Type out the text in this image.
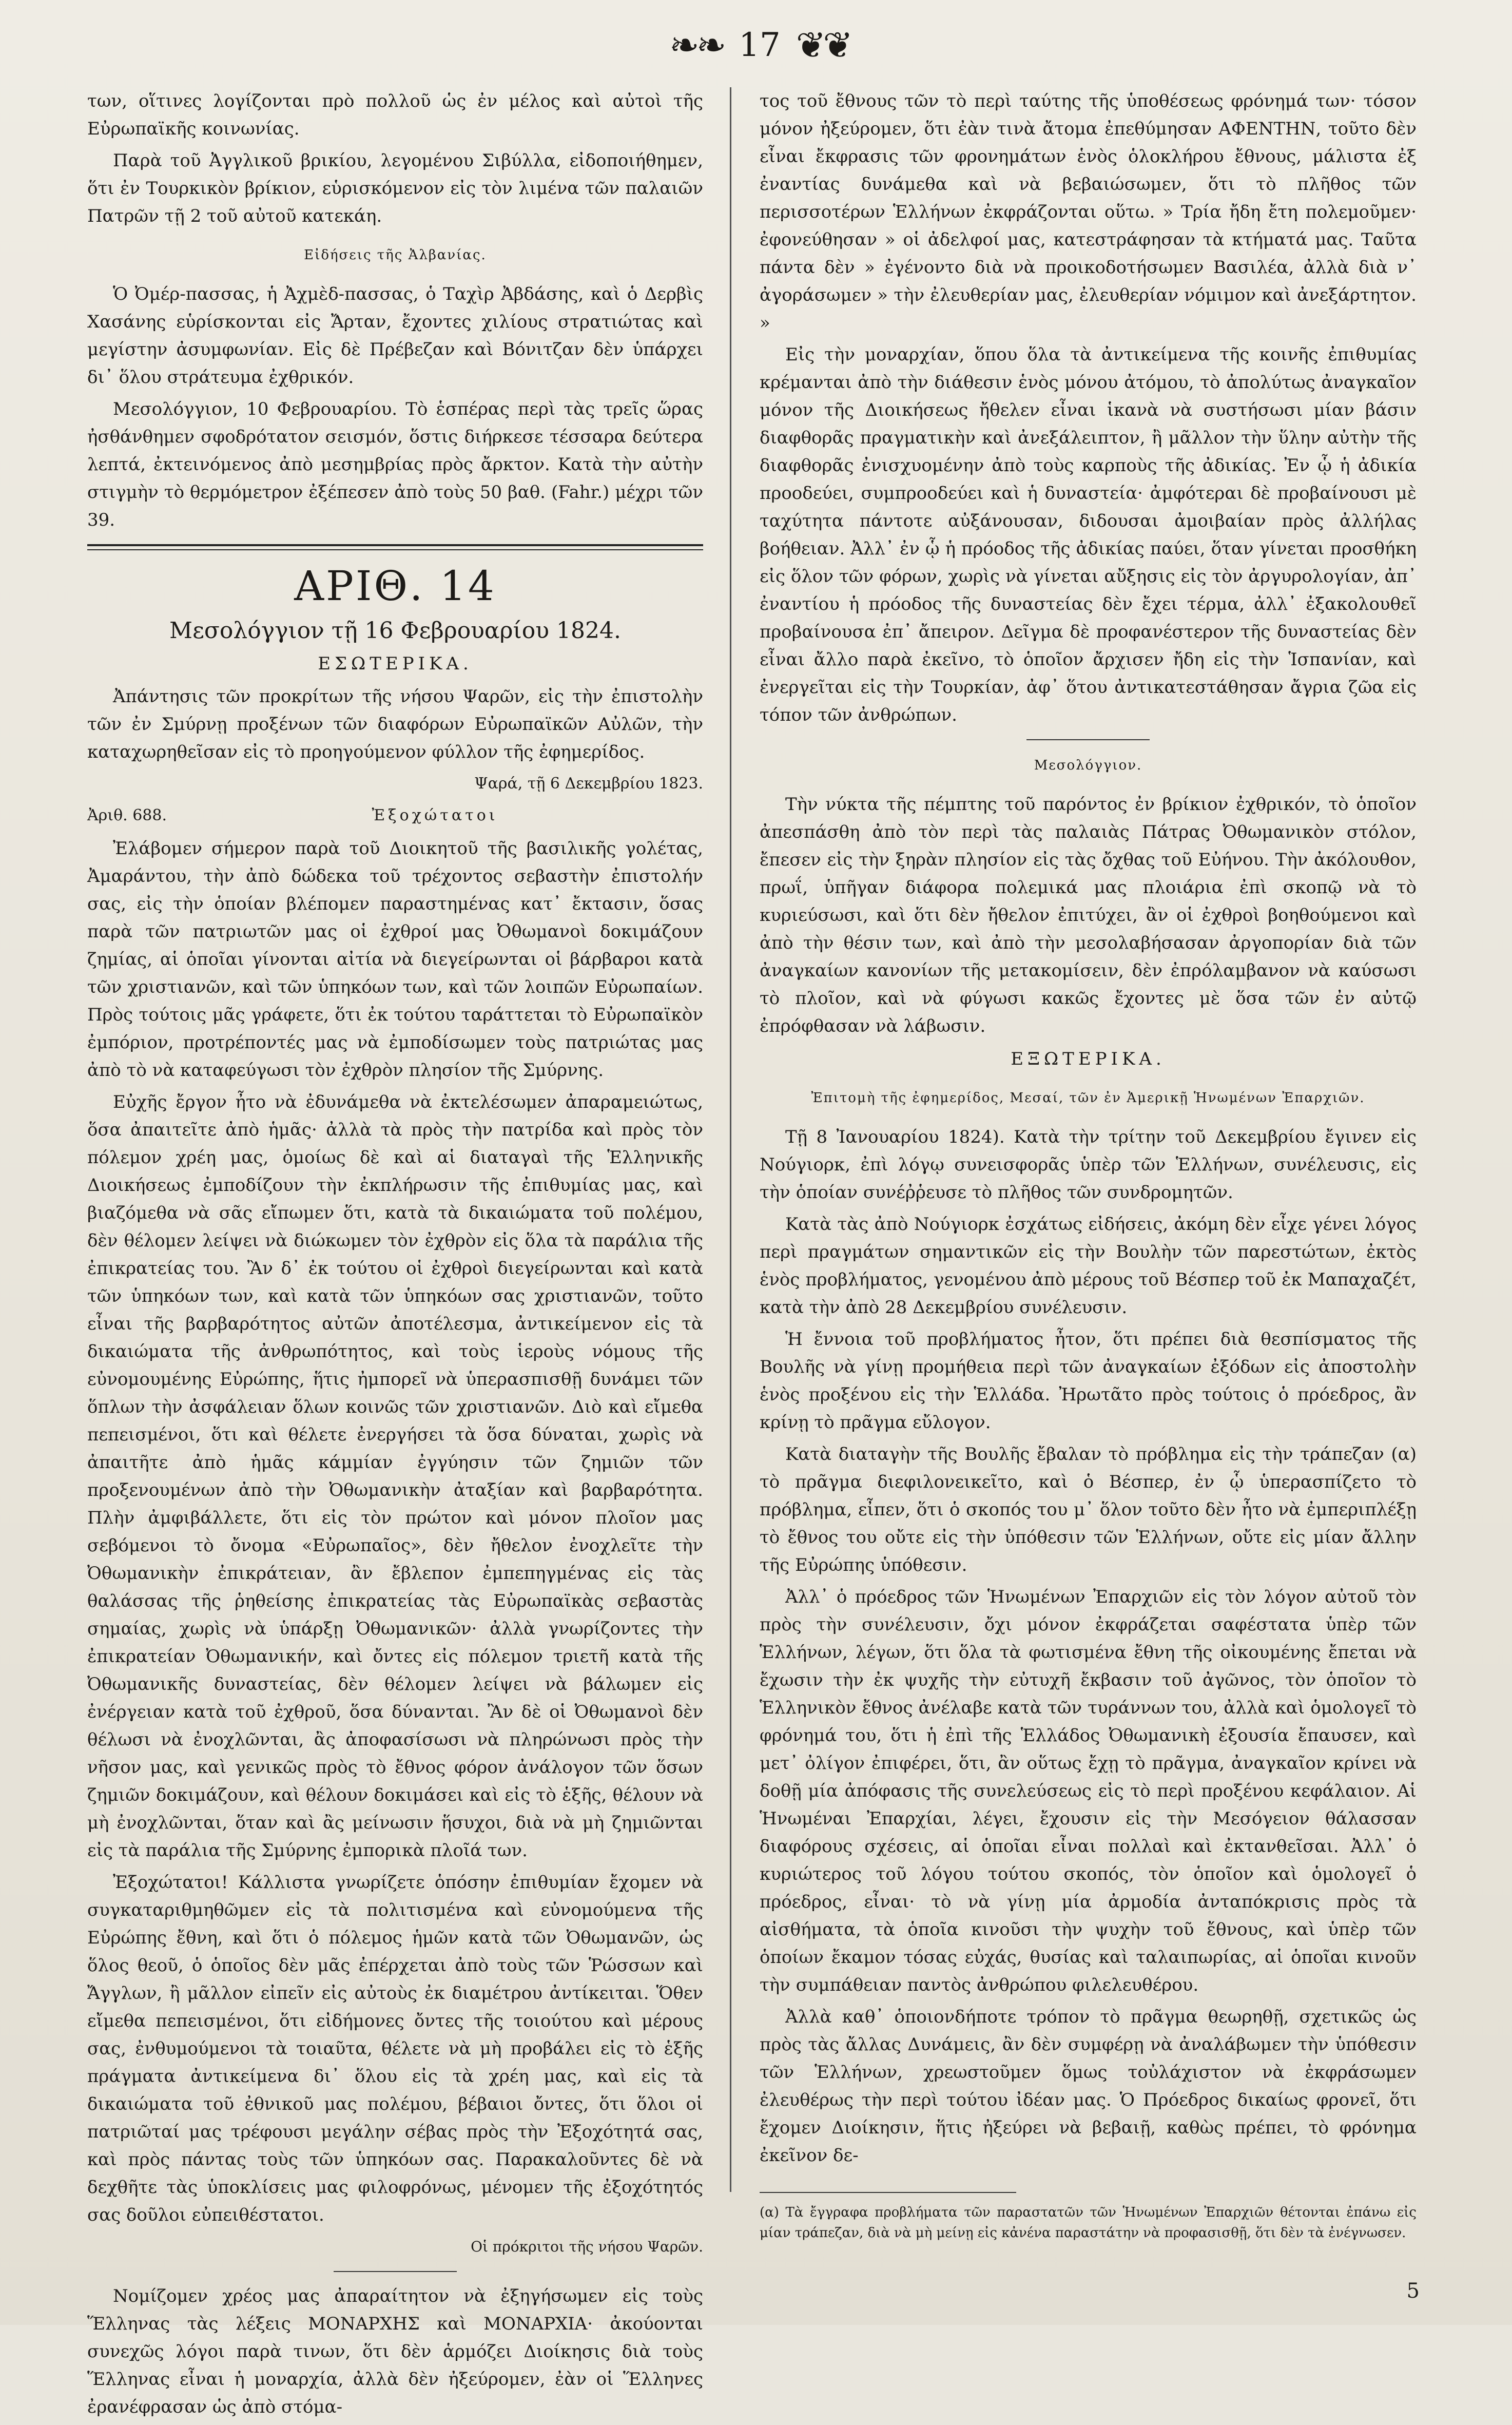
❧❧ 17 ❦❦

των, οἵτινες λογίζονται πρὸ πολλοῦ ὡς ἐν μέλος καὶ αὐτοὶ τῆς Εὐρωπαϊκῆς κοινωνίας.

Παρὰ τοῦ Ἀγγλικοῦ βρικίου, λεγομένου Σιβύλλα, εἰδοποιήθημεν, ὅτι ἐν Τουρκικὸν βρίκιον, εὑρισκόμενον εἰς τὸν λιμένα τῶν παλαιῶν Πατρῶν τῇ 2 τοῦ αὐτοῦ κατεκάη.

Εἰδήσεις τῆς Ἀλβανίας.

Ὁ Ὀμέρ-πασσας, ἡ Ἀχμὲδ-πασσας, ὁ Ταχὶρ Ἀβδάσης, καὶ ὁ Δερβὶς Χασάνης εὑρίσκονται εἰς Ἄρταν, ἔχοντες χιλίους στρατιώτας καὶ μεγίστην ἀσυμφωνίαν. Εἰς δὲ Πρέβεζαν καὶ Βόνιτζαν δὲν ὑπάρχει δι᾽ ὅλου στράτευμα ἐχθρικόν.

Μεσολόγγιον, 10 Φεβρουαρίου. Τὸ ἑσπέρας περὶ τὰς τρεῖς ὥρας ἠσθάνθημεν σφοδρότατον σεισμόν, ὅστις διήρκεσε τέσσαρα δεύτερα λεπτά, ἐκτεινόμενος ἀπὸ μεσημβρίας πρὸς ἄρκτον. Κατὰ τὴν αὐτὴν στιγμὴν τὸ θερμόμετρον ἐξέπεσεν ἀπὸ τοὺς 50 βαθ. (Fahr.) μέχρι τῶν 39.

ΑΡΙΘ. 14

Μεσολόγγιον τῇ 16 Φεβρουαρίου 1824.

ΕΣΩΤΕΡΙΚΑ.

Ἀπάντησις τῶν προκρίτων τῆς νήσου Ψαρῶν, εἰς τὴν ἐπιστολὴν τῶν ἐν Σμύρνῃ προξένων τῶν διαφόρων Εὐρωπαϊκῶν Αὐλῶν, τὴν καταχωρηθεῖσαν εἰς τὸ προηγούμενον φύλλον τῆς ἐφημερίδος.

Ψαρά, τῇ 6 Δεκεμβρίου 1823.

Ἀριθ. 688.	Ἐξοχώτατοι

Ἐλάβομεν σήμερον παρὰ τοῦ Διοικητοῦ τῆς βασιλικῆς γολέτας, Ἀμαράντου, τὴν ἀπὸ δώδεκα τοῦ τρέχοντος σεβαστὴν ἐπιστολήν σας, εἰς τὴν ὁποίαν βλέπομεν παραστημένας κατ᾽ ἔκτασιν, ὅσας παρὰ τῶν πατριωτῶν μας οἱ ἐχθροί μας Ὀθωμανοὶ δοκιμάζουν ζημίας, αἱ ὁποῖαι γίνονται αἰτία νὰ διεγείρωνται οἱ βάρβαροι κατὰ τῶν χριστιανῶν, καὶ τῶν ὑπηκόων των, καὶ τῶν λοιπῶν Εὐρωπαίων. Πρὸς τούτοις μᾶς γράφετε, ὅτι ἐκ τούτου ταράττεται τὸ Εὐρωπαϊκὸν ἐμπόριον, προτρέποντές μας νὰ ἐμποδίσωμεν τοὺς πατριώτας μας ἀπὸ τὸ νὰ καταφεύγωσι τὸν ἐχθρὸν πλησίον τῆς Σμύρνης.

Εὐχῆς ἔργον ἦτο νὰ ἐδυνάμεθα νὰ ἐκτελέσωμεν ἀπαραμειώτως, ὅσα ἀπαιτεῖτε ἀπὸ ἡμᾶς· ἀλλὰ τὰ πρὸς τὴν πατρίδα καὶ πρὸς τὸν πόλεμον χρέη μας, ὁμοίως δὲ καὶ αἱ διαταγαὶ τῆς Ἑλληνικῆς Διοικήσεως ἐμποδίζουν τὴν ἐκπλήρωσιν τῆς ἐπιθυμίας μας, καὶ βιαζόμεθα νὰ σᾶς εἴπωμεν ὅτι, κατὰ τὰ δικαιώματα τοῦ πολέμου, δὲν θέλομεν λείψει νὰ διώκωμεν τὸν ἐχθρὸν εἰς ὅλα τὰ παράλια τῆς ἐπικρατείας του. Ἂν δ᾽ ἐκ τούτου οἱ ἐχθροὶ διεγείρωνται καὶ κατὰ τῶν ὑπηκόων των, καὶ κατὰ τῶν ὑπηκόων σας χριστιανῶν, τοῦτο εἶναι τῆς βαρβαρότητος αὐτῶν ἀποτέλεσμα, ἀντικείμενον εἰς τὰ δικαιώματα τῆς ἀνθρωπότητος, καὶ τοὺς ἱεροὺς νόμους τῆς εὐνομουμένης Εὐρώπης, ἥτις ἠμπορεῖ νὰ ὑπερασπισθῇ δυνάμει τῶν ὅπλων τὴν ἀσφάλειαν ὅλων κοινῶς τῶν χριστιανῶν. Διὸ καὶ εἴμεθα πεπεισμένοι, ὅτι καὶ θέλετε ἐνεργήσει τὰ ὅσα δύναται, χωρὶς νὰ ἀπαιτῆτε ἀπὸ ἡμᾶς κάμμίαν ἐγγύησιν τῶν ζημιῶν τῶν προξενουμένων ἀπὸ τὴν Ὀθωμανικὴν ἀταξίαν καὶ βαρβαρότητα. Πλὴν ἀμφιβάλλετε, ὅτι εἰς τὸν πρώτον καὶ μόνον πλοῖον μας σεβόμενοι τὸ ὄνομα «Εὐρωπαῖος», δὲν ἤθελον ἐνοχλεῖτε τὴν Ὀθωμανικὴν ἐπικράτειαν, ἂν ἔβλεπον ἐμπεπηγμένας εἰς τὰς θαλάσσας τῆς ῥηθείσης ἐπικρατείας τὰς Εὐρωπαϊκὰς σεβαστὰς σημαίας, χωρὶς νὰ ὑπάρξῃ Ὀθωμανικῶν· ἀλλὰ γνωρίζοντες τὴν ἐπικρατείαν Ὀθωμανικήν, καὶ ὄντες εἰς πόλεμον τριετῆ κατὰ τῆς Ὀθωμανικῆς δυναστείας, δὲν θέλομεν λείψει νὰ βάλωμεν εἰς ἐνέργειαν κατὰ τοῦ ἐχθροῦ, ὅσα δύνανται. Ἂν δὲ οἱ Ὀθωμανοὶ δὲν θέλωσι νὰ ἐνοχλῶνται, ἂς ἀποφασίσωσι νὰ πληρώνωσι πρὸς τὴν νῆσον μας, καὶ γενικῶς πρὸς τὸ ἔθνος φόρον ἀνάλογον τῶν ὅσων ζημιῶν δοκιμάζουν, καὶ θέλουν δοκιμάσει καὶ εἰς τὸ ἑξῆς, θέλουν νὰ μὴ ἐνοχλῶνται, ὅταν καὶ ἂς μείνωσιν ἥσυχοι, διὰ νὰ μὴ ζημιῶνται εἰς τὰ παράλια τῆς Σμύρνης ἐμπορικὰ πλοῖά των.

Ἐξοχώτατοι! Κάλλιστα γνωρίζετε ὁπόσην ἐπιθυμίαν ἔχομεν νὰ συγκαταριθμηθῶμεν εἰς τὰ πολιτισμένα καὶ εὐνομούμενα τῆς Εὐρώπης ἔθνη, καὶ ὅτι ὁ πόλεμος ἡμῶν κατὰ τῶν Ὀθωμανῶν, ὡς ὅλος θεοῦ, ὁ ὁποῖος δὲν μᾶς ἐπέρχεται ἀπὸ τοὺς τῶν Ῥώσσων καὶ Ἄγγλων, ἢ μᾶλλον εἰπεῖν εἰς αὐτοὺς ἐκ διαμέτρου ἀντίκειται. Ὅθεν εἴμεθα πεπεισμένοι, ὅτι εἰδήμονες ὄντες τῆς τοιούτου καὶ μέρους σας, ἐνθυμούμενοι τὰ τοιαῦτα, θέλετε νὰ μὴ προβάλει εἰς τὸ ἑξῆς πράγματα ἀντικείμενα δι᾽ ὅλου εἰς τὰ χρέη μας, καὶ εἰς τὰ δικαιώματα τοῦ ἐθνικοῦ μας πολέμου, βέβαιοι ὄντες, ὅτι ὅλοι οἱ πατριῶταί μας τρέφουσι μεγάλην σέβας πρὸς τὴν Ἐξοχότητά σας, καὶ πρὸς πάντας τοὺς τῶν ὑπηκόων σας. Παρακαλοῦντες δὲ νὰ δεχθῆτε τὰς ὑποκλίσεις μας φιλοφρόνως, μένομεν τῆς ἐξοχότητός σας δοῦλοι εὐπειθέστατοι.

Οἱ πρόκριτοι τῆς νήσου Ψαρῶν.

Νομίζομεν χρέος μας ἀπαραίτητον νὰ ἐξηγήσωμεν εἰς τοὺς Ἕλληνας τὰς λέξεις ΜΟΝΑΡΧΗΣ καὶ ΜΟΝΑΡΧΙΑ· ἀκούονται συνεχῶς λόγοι παρὰ τινων, ὅτι δὲν ἁρμόζει Διοίκησις διὰ τοὺς Ἕλληνας εἶναι ἡ μοναρχία, ἀλλὰ δὲν ἠξεύρομεν, ἐὰν οἱ Ἕλληνες ἐρανέφρασαν ὡς ἀπὸ στόμα-

τος τοῦ ἔθνους τῶν τὸ περὶ ταύτης τῆς ὑποθέσεως φρόνημά των· τόσον μόνον ἠξεύρομεν, ὅτι ἐὰν τινὰ ἄτομα ἐπεθύμησαν ΑΦΕΝΤΗΝ, τοῦτο δὲν εἶναι ἔκφρασις τῶν φρονημάτων ἑνὸς ὁλοκλήρου ἔθνους, μάλιστα ἐξ ἐναντίας δυνάμεθα καὶ νὰ βεβαιώσωμεν, ὅτι τὸ πλῆθος τῶν περισσοτέρων Ἑλλήνων ἐκφράζονται οὕτω. » Τρία ἤδη ἔτη πολεμοῦμεν· ἐφονεύθησαν » οἱ ἀδελφοί μας, κατεστράφησαν τὰ κτήματά μας. Ταῦτα πάντα δὲν » ἐγένοντο διὰ νὰ προικοδοτήσωμεν Βασιλέα, ἀλλὰ διὰ ν᾽ ἀγοράσωμεν » τὴν ἐλευθερίαν μας, ἐλευθερίαν νόμιμον καὶ ἀνεξάρτητον. »

Εἰς τὴν μοναρχίαν, ὅπου ὅλα τὰ ἀντικείμενα τῆς κοινῆς ἐπιθυμίας κρέμανται ἀπὸ τὴν διάθεσιν ἑνὸς μόνου ἀτόμου, τὸ ἀπολύτως ἀναγκαῖον μόνον τῆς Διοικήσεως ἤθελεν εἶναι ἱκανὰ νὰ συστήσωσι μίαν βάσιν διαφθορᾶς πραγματικὴν καὶ ἀνεξάλειπτον, ἢ μᾶλλον τὴν ὕλην αὐτὴν τῆς διαφθορᾶς ἐνισχυομένην ἀπὸ τοὺς καρποὺς τῆς ἀδικίας. Ἐν ᾧ ἡ ἀδικία προοδεύει, συμπροοδεύει καὶ ἡ δυναστεία· ἀμφότεραι δὲ προβαίνουσι μὲ ταχύτητα πάντοτε αὐξάνουσαν, διδουσαι ἀμοιβαίαν πρὸς ἀλλήλας βοήθειαν. Ἀλλ᾽ ἐν ᾧ ἡ πρόοδος τῆς ἀδικίας παύει, ὅταν γίνεται προσθήκη εἰς ὅλον τῶν φόρων, χωρὶς νὰ γίνεται αὔξησις εἰς τὸν ἀργυρολογίαν, ἀπ᾽ ἐναντίου ἡ πρόοδος τῆς δυναστείας δὲν ἔχει τέρμα, ἀλλ᾽ ἐξακολουθεῖ προβαίνουσα ἐπ᾽ ἄπειρον. Δεῖγμα δὲ προφανέστερον τῆς δυναστείας δὲν εἶναι ἄλλο παρὰ ἐκεῖνο, τὸ ὁποῖον ἄρχισεν ἤδη εἰς τὴν Ἱσπανίαν, καὶ ἐνεργεῖται εἰς τὴν Τουρκίαν, ἀφ᾽ ὅτου ἀντικατεστάθησαν ἄγρια ζῶα εἰς τόπον τῶν ἀνθρώπων.

Μεσολόγγιον.

Τὴν νύκτα τῆς πέμπτης τοῦ παρόντος ἐν βρίκιον ἐχθρικόν, τὸ ὁποῖον ἀπεσπάσθη ἀπὸ τὸν περὶ τὰς παλαιὰς Πάτρας Ὀθωμανικὸν στόλον, ἔπεσεν εἰς τὴν ξηρὰν πλησίον εἰς τὰς ὄχθας τοῦ Εὐήνου. Τὴν ἀκόλουθον, πρωΐ, ὑπῆγαν διάφορα πολεμικά μας πλοιάρια ἐπὶ σκοπῷ νὰ τὸ κυριεύσωσι, καὶ ὅτι δὲν ἤθελον ἐπιτύχει, ἂν οἱ ἐχθροὶ βοηθούμενοι καὶ ἀπὸ τὴν θέσιν των, καὶ ἀπὸ τὴν μεσολαβήσασαν ἀργοπορίαν διὰ τῶν ἀναγκαίων κανονίων τῆς μετακομίσειν, δὲν ἐπρόλαμβανον νὰ καύσωσι τὸ πλοῖον, καὶ νὰ φύγωσι κακῶς ἔχοντες μὲ ὅσα τῶν ἐν αὐτῷ ἐπρόφθασαν νὰ λάβωσιν.

ΕΞΩΤΕΡΙΚΑ.

Ἐπιτομὴ τῆς ἐφημερίδος, Μεσαί, τῶν ἐν Ἀμερικῇ Ἡνωμένων Ἐπαρχιῶν.

Τῇ 8 Ἰανουαρίου 1824). Κατὰ τὴν τρίτην τοῦ Δεκεμβρίου ἔγινεν εἰς Νούγιορκ, ἐπὶ λόγῳ συνεισφορᾶς ὑπὲρ τῶν Ἑλλήνων, συνέλευσις, εἰς τὴν ὁποίαν συνέῤῥευσε τὸ πλῆθος τῶν συνδρομητῶν.

Κατὰ τὰς ἀπὸ Νούγιορκ ἐσχάτως εἰδήσεις, ἀκόμη δὲν εἶχε γένει λόγος περὶ πραγμάτων σημαντικῶν εἰς τὴν Βουλὴν τῶν παρεστώτων, ἐκτὸς ἑνὸς προβλήματος, γενομένου ἀπὸ μέρους τοῦ Βέσπερ τοῦ ἐκ Μαπαχαζέτ, κατὰ τὴν ἀπὸ 28 Δεκεμβρίου συνέλευσιν.

Ἡ ἔννοια τοῦ προβλήματος ἦτον, ὅτι πρέπει διὰ θεσπίσματος τῆς Βουλῆς νὰ γίνῃ προμήθεια περὶ τῶν ἀναγκαίων ἐξόδων εἰς ἀποστολὴν ἑνὸς προξένου εἰς τὴν Ἑλλάδα. Ἠρωτᾶτο πρὸς τούτοις ὁ πρόεδρος, ἂν κρίνῃ τὸ πρᾶγμα εὔλογον.

Κατὰ διαταγὴν τῆς Βουλῆς ἔβαλαν τὸ πρόβλημα εἰς τὴν τράπεζαν (α) τὸ πρᾶγμα διεφιλονεικεῖτο, καὶ ὁ Βέσπερ, ἐν ᾧ ὑπερασπίζετο τὸ πρόβλημα, εἶπεν, ὅτι ὁ σκοπός του μ᾽ ὅλον τοῦτο δὲν ἦτο νὰ ἐμπεριπλέξῃ τὸ ἔθνος του οὔτε εἰς τὴν ὑπόθεσιν τῶν Ἑλλήνων, οὔτε εἰς μίαν ἄλλην τῆς Εὐρώπης ὑπόθεσιν.

Ἀλλ᾽ ὁ πρόεδρος τῶν Ἡνωμένων Ἐπαρχιῶν εἰς τὸν λόγον αὐτοῦ τὸν πρὸς τὴν συνέλευσιν, ὄχι μόνον ἐκφράζεται σαφέστατα ὑπὲρ τῶν Ἑλλήνων, λέγων, ὅτι ὅλα τὰ φωτισμένα ἔθνη τῆς οἰκουμένης ἔπεται νὰ ἔχωσιν τὴν ἐκ ψυχῆς τὴν εὐτυχῆ ἔκβασιν τοῦ ἀγῶνος, τὸν ὁποῖον τὸ Ἑλληνικὸν ἔθνος ἀνέλαβε κατὰ τῶν τυράννων του, ἀλλὰ καὶ ὁμολογεῖ τὸ φρόνημά του, ὅτι ἡ ἐπὶ τῆς Ἑλλάδος Ὀθωμανικὴ ἐξουσία ἔπαυσεν, καὶ μετ᾽ ὀλίγον ἐπιφέρει, ὅτι, ἂν οὕτως ἔχῃ τὸ πρᾶγμα, ἀναγκαῖον κρίνει νὰ δοθῇ μία ἀπόφασις τῆς συνελεύσεως εἰς τὸ περὶ προξένου κεφάλαιον. Αἱ Ἡνωμέναι Ἐπαρχίαι, λέγει, ἔχουσιν εἰς τὴν Μεσόγειον θάλασσαν διαφόρους σχέσεις, αἱ ὁποῖαι εἶναι πολλαὶ καὶ ἐκτανθεῖσαι. Ἀλλ᾽ ὁ κυριώτερος τοῦ λόγου τούτου σκοπός, τὸν ὁποῖον καὶ ὁμολογεῖ ὁ πρόεδρος, εἶναι· τὸ νὰ γίνῃ μία ἀρμοδία ἀνταπόκρισις πρὸς τὰ αἰσθήματα, τὰ ὁποῖα κινοῦσι τὴν ψυχὴν τοῦ ἔθνους, καὶ ὑπὲρ τῶν ὁποίων ἔκαμον τόσας εὐχάς, θυσίας καὶ ταλαιπωρίας, αἱ ὁποῖαι κινοῦν τὴν συμπάθειαν παντὸς ἀνθρώπου φιλελευθέρου.

Ἀλλὰ καθ᾽ ὁποιονδήποτε τρόπον τὸ πρᾶγμα θεωρηθῇ, σχετικῶς ὡς πρὸς τὰς ἄλλας Δυνάμεις, ἂν δὲν συμφέρῃ νὰ ἀναλάβωμεν τὴν ὑπόθεσιν τῶν Ἑλλήνων, χρεωστοῦμεν ὅμως τοὐλάχιστον νὰ ἐκφράσωμεν ἐλευθέρως τὴν περὶ τούτου ἰδέαν μας. Ὁ Πρόεδρος δικαίως φρονεῖ, ὅτι ἔχομεν Διοίκησιν, ἥτις ἠξεύρει νὰ βεβαιῇ, καθὼς πρέπει, τὸ φρόνημα ἐκεῖνον δε-

(α) Τὰ ἔγγραφα προβλήματα τῶν παραστατῶν τῶν Ἡνωμένων Ἐπαρχιῶν θέτονται ἐπάνω εἰς μίαν τράπεζαν, διὰ νὰ μὴ μείνῃ εἰς κἀνένα παραστάτην νὰ προφασισθῇ, ὅτι δὲν τὰ ἐνέγνωσεν.
5
